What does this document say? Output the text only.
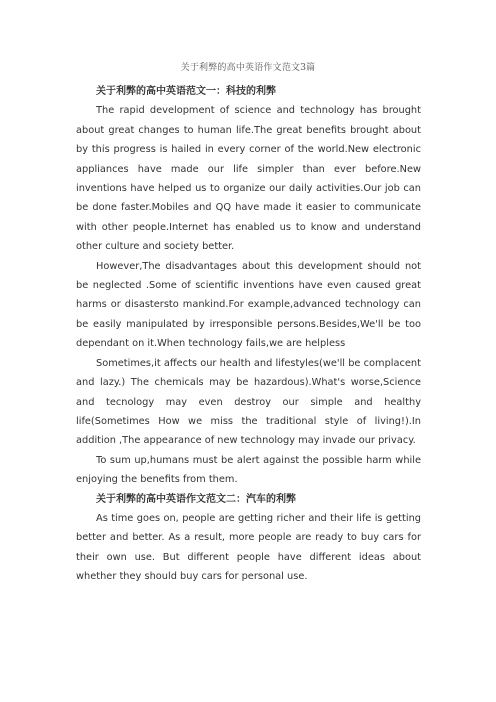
关于利弊的高中英语作文范文3篇
关于利弊的高中英语范文一：科技的利弊

The rapid development of science and technology has brought about great changes to human life.The great benefits brought about by this progress is hailed in every corner of the world.New electronic appliances have made our life simpler than ever before.New inventions have helped us to organize our daily activities.Our job can be done faster.Mobiles and QQ have made it easier to communicate with other people.Internet has enabled us to know and understand other culture and society better.

However,The disadvantages about this development should not be neglected .Some of scientific inventions have even caused great harms or disastersto mankind.For example,advanced technology can be easily manipulated by irresponsible persons.Besides,We'll be too dependant on it.When technology fails,we are helpless

Sometimes,it affects our health and lifestyles(we'll be complacent and lazy.) The chemicals may be hazardous).What's worse,Science and tecnology may even destroy our simple and healthy life(Sometimes How we miss the traditional style of living!).In addition ,The appearance of new technology may invade our privacy.

To sum up,humans must be alert against the possible harm while enjoying the benefits from them.

关于利弊的高中英语作文范文二：汽车的利弊

As time goes on, people are getting richer and their life is getting better and better. As a result, more people are ready to buy cars for their own use. But different people have different ideas about whether they should buy cars for personal use.
